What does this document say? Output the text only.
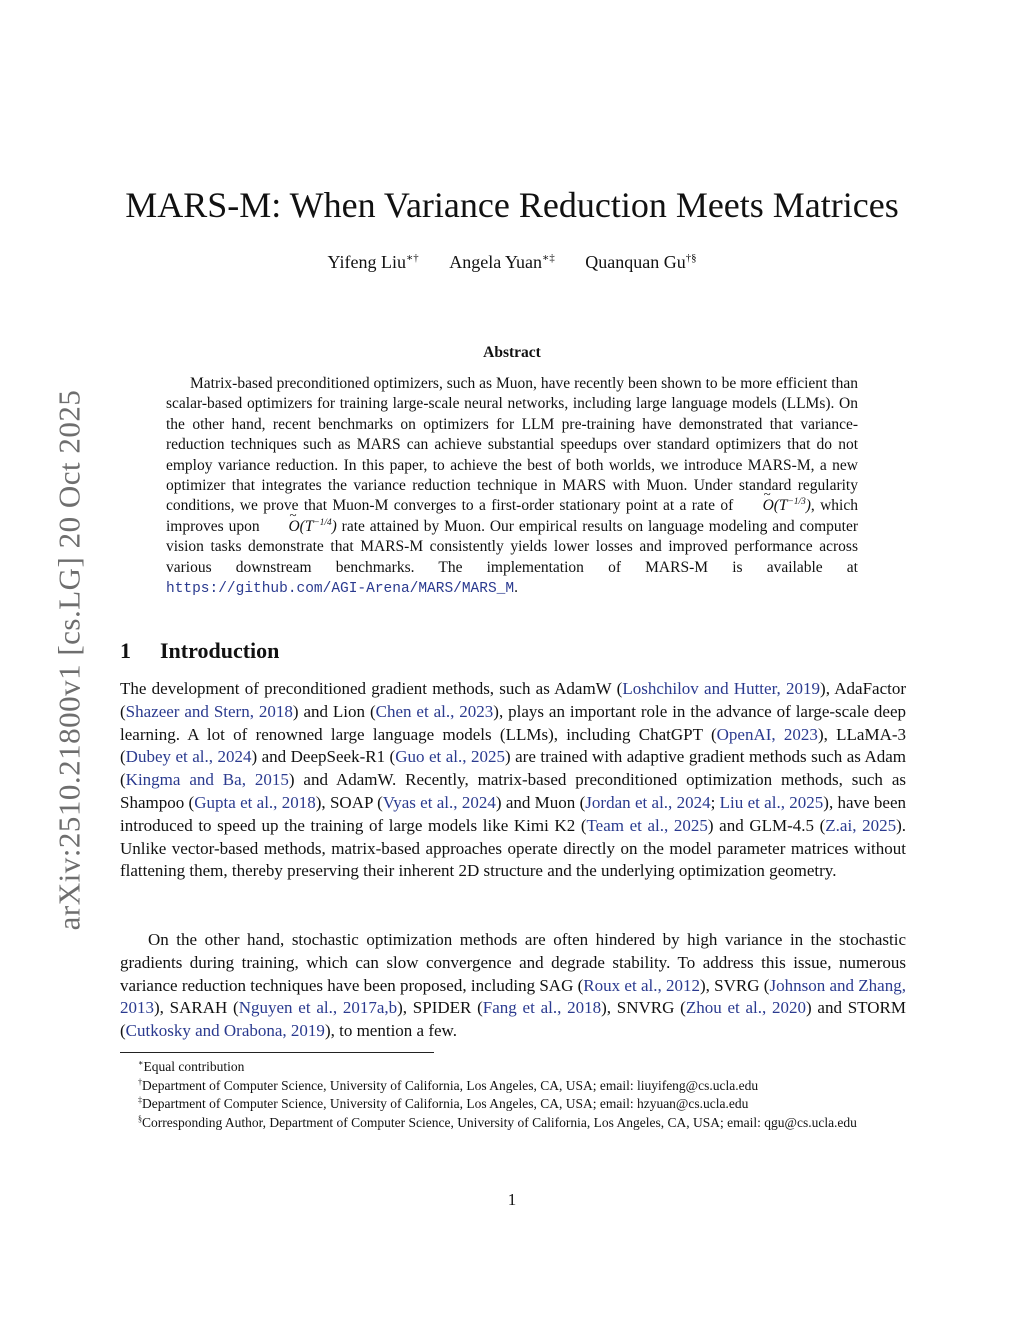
arXiv:2510.21800v1 [cs.LG] 20 Oct 2025
MARS-M: When Variance Reduction Meets Matrices
Yifeng Liu∗† Angela Yuan∗‡ Quanquan Gu†§
Abstract

Matrix-based preconditioned optimizers, such as Muon, have recently been shown to be more efficient than scalar-based optimizers for training large-scale neural networks, including large language models (LLMs). On the other hand, recent benchmarks on optimizers for LLM pre-training have demonstrated that variance-reduction techniques such as MARS can achieve substantial speedups over standard optimizers that do not employ variance reduction. In this paper, to achieve the best of both worlds, we introduce MARS-M, a new optimizer that integrates the variance reduction technique in MARS with Muon. Under standard regularity conditions, we prove that Muon-M converges to a first-order stationary point at a rate of ~ $O(T^{-1/3})$, which improves upon ~ $O(T^{-1/4})$ rate attained by Muon. Our empirical results on language modeling and computer vision tasks demonstrate that MARS-M consistently yields lower losses and improved performance across various downstream benchmarks. The implementation of MARS-M is available at https://github.com/AGI-Arena/MARS/MARS_M.

1 Introduction

The development of preconditioned gradient methods, such as AdamW (Loshchilov and Hutter, 2019), AdaFactor (Shazeer and Stern, 2018) and Lion (Chen et al., 2023), plays an important role in the advance of large-scale deep learning. A lot of renowned large language models (LLMs), including ChatGPT (OpenAI, 2023), LLaMA-3 (Dubey et al., 2024) and DeepSeek-R1 (Guo et al., 2025) are trained with adaptive gradient methods such as Adam (Kingma and Ba, 2015) and AdamW. Recently, matrix-based preconditioned optimization methods, such as Shampoo (Gupta et al., 2018), SOAP (Vyas et al., 2024) and Muon (Jordan et al., 2024; Liu et al., 2025), have been introduced to speed up the training of large models like Kimi K2 (Team et al., 2025) and GLM-4.5 (Z.ai, 2025). Unlike vector-based methods, matrix-based approaches operate directly on the model parameter matrices without flattening them, thereby preserving their inherent 2D structure and the underlying optimization geometry.

On the other hand, stochastic optimization methods are often hindered by high variance in the stochastic gradients during training, which can slow convergence and degrade stability. To address this issue, numerous variance reduction techniques have been proposed, including SAG (Roux et al., 2012), SVRG (Johnson and Zhang, 2013), SARAH (Nguyen et al., 2017a,b), SPIDER (Fang et al., 2018), SNVRG (Zhou et al., 2020) and STORM (Cutkosky and Orabona, 2019), to mention a few.

∗Equal contribution

†Department of Computer Science, University of California, Los Angeles, CA, USA; email: liuyifeng@cs.ucla.edu

‡Department of Computer Science, University of California, Los Angeles, CA, USA; email: hzyuan@cs.ucla.edu

§Corresponding Author, Department of Computer Science, University of California, Los Angeles, CA, USA; email: qgu@cs.ucla.edu

1
